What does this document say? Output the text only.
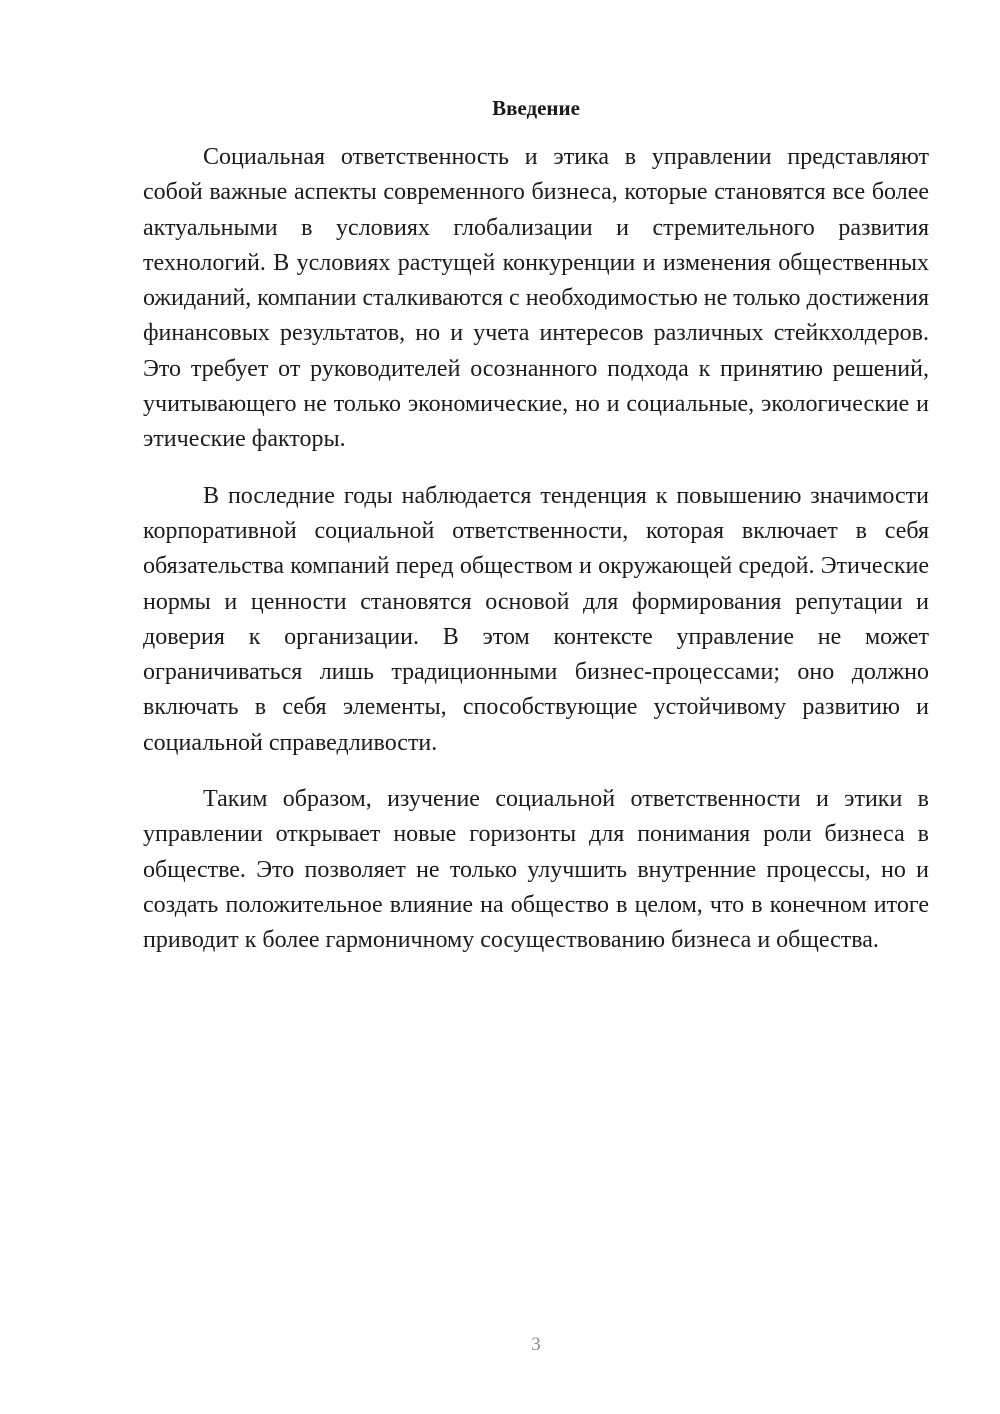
Введение

Социальная ответственность и этика в управлении представляют собой важные аспекты современного бизнеса, которые становятся все более актуальными в условиях глобализации и стремительного развития технологий. В условиях растущей конкуренции и изменения общественных ожиданий, компании сталкиваются с необходимостью не только достижения финансовых результатов, но и учета интересов различных стейкхолдеров. Это требует от руководителей осознанного подхода к принятию решений, учитывающего не только экономические, но и социальные, экологические и этические факторы.

В последние годы наблюдается тенденция к повышению значимости корпоративной социальной ответственности, которая включает в себя обязательства компаний перед обществом и окружающей средой. Этические нормы и ценности становятся основой для формирования репутации и доверия к организации. В этом контексте управление не может ограничиваться лишь традиционными бизнес-процессами; оно должно включать в себя элементы, способствующие устойчивому развитию и социальной справедливости.

Таким образом, изучение социальной ответственности и этики в управлении открывает новые горизонты для понимания роли бизнеса в обществе. Это позволяет не только улучшить внутренние процессы, но и создать положительное влияние на общество в целом, что в конечном итоге приводит к более гармоничному сосуществованию бизнеса и общества.

3
